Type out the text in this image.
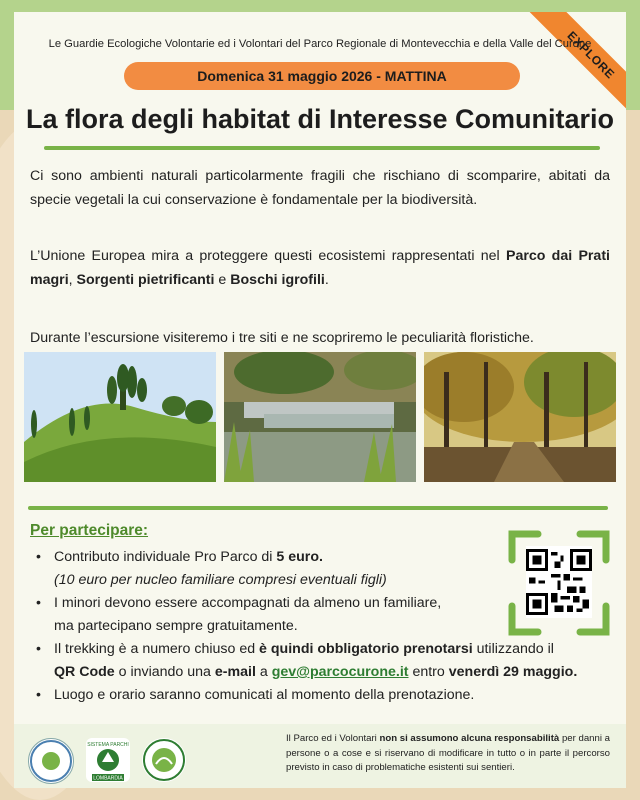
EXPLORE
Le Guardie Ecologiche Volontarie ed i Volontari del Parco Regionale di Montevecchia e della Valle del Curone
Domenica 31 maggio 2026 - MATTINA
La flora degli habitat di Interesse Comunitario
Ci sono ambienti naturali particolarmente fragili che rischiano di scomparire, abitati da specie vegetali la cui conservazione è fondamentale per la biodiversità.
L’Unione Europea mira a proteggere questi ecosistemi rappresentati nel Parco dai Prati magri, Sorgenti pietrificanti e Boschi igrofili.
Durante l’escursione visiteremo i tre siti e ne scopriremo le peculiarità floristiche.
Per partecipare:
• Contributo individuale Pro Parco di 5 euro.
(10 euro per nucleo familiare compresi eventuali figli)
• I minori devono essere accompagnati da almeno un familiare,
ma partecipano sempre gratuitamente.
• Il trekking è a numero chiuso ed è quindi obbligatorio prenotarsi utilizzando il
QR Code o inviando una e-mail a gev@parcocurone.it entro venerdì 29 maggio.
• Luogo e orario saranno comunicati al momento della prenotazione.
SISTEMA PARCHI
LOMBARDIA
Il Parco ed i Volontari non si assumono alcuna responsabilità per danni a persone o a cose e si riservano di modificare in tutto o in parte il percorso previsto in caso di problematiche esistenti sui sentieri.
